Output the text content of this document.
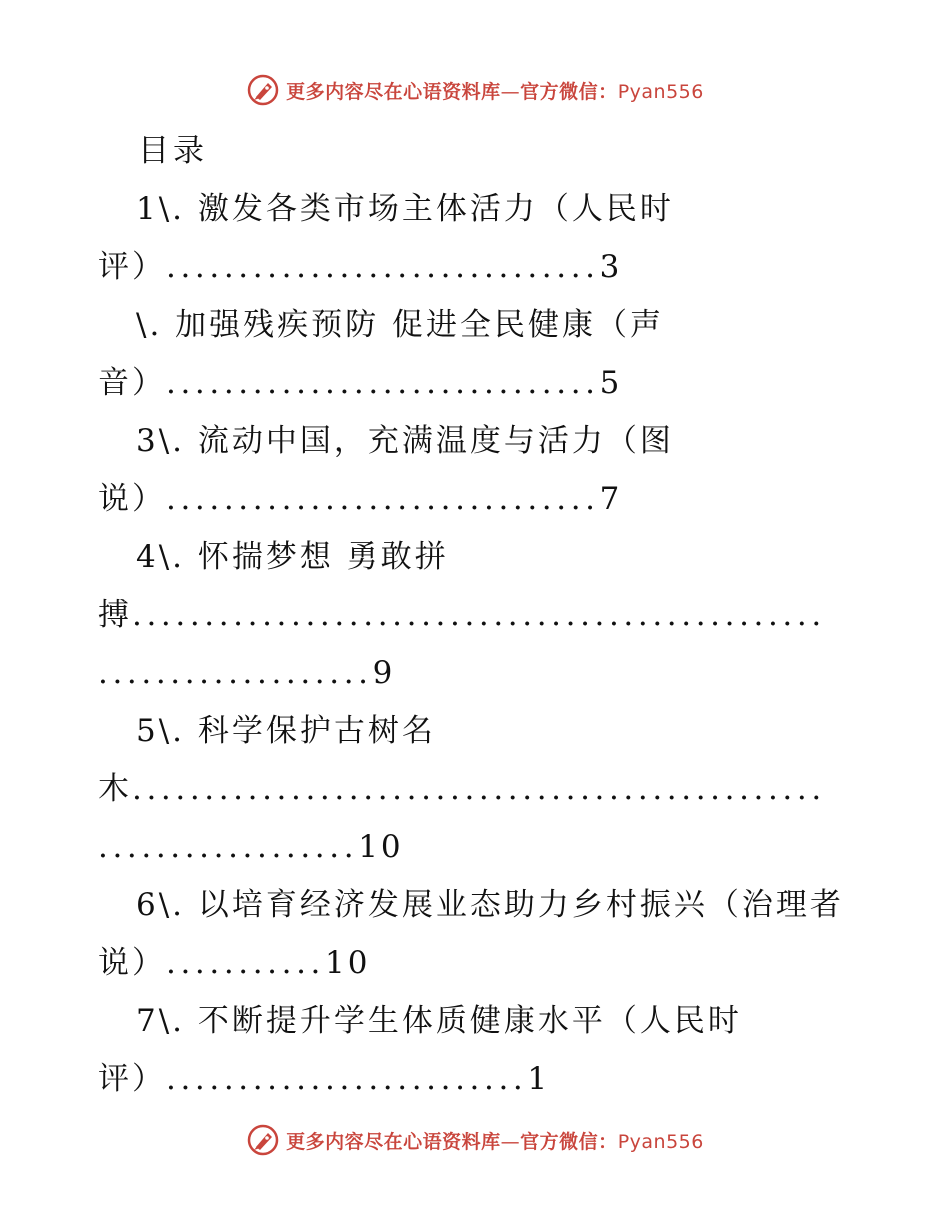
更多内容尽在心语资料库—官方微信：Pyan556
目录
1\. 激发各类市场主体活力（人民时
评）..............................3
\. 加强残疾预防 促进全民健康（声
音）..............................5
3\. 流动中国，充满温度与活力（图
说）..............................7
4\. 怀揣梦想 勇敢拼
搏................................................
...................9
5\. 科学保护古树名
木................................................
..................10
6\. 以培育经济发展业态助力乡村振兴（治理者
说）...........10
7\. 不断提升学生体质健康水平（人民时
评）.........................1
更多内容尽在心语资料库—官方微信：Pyan556
